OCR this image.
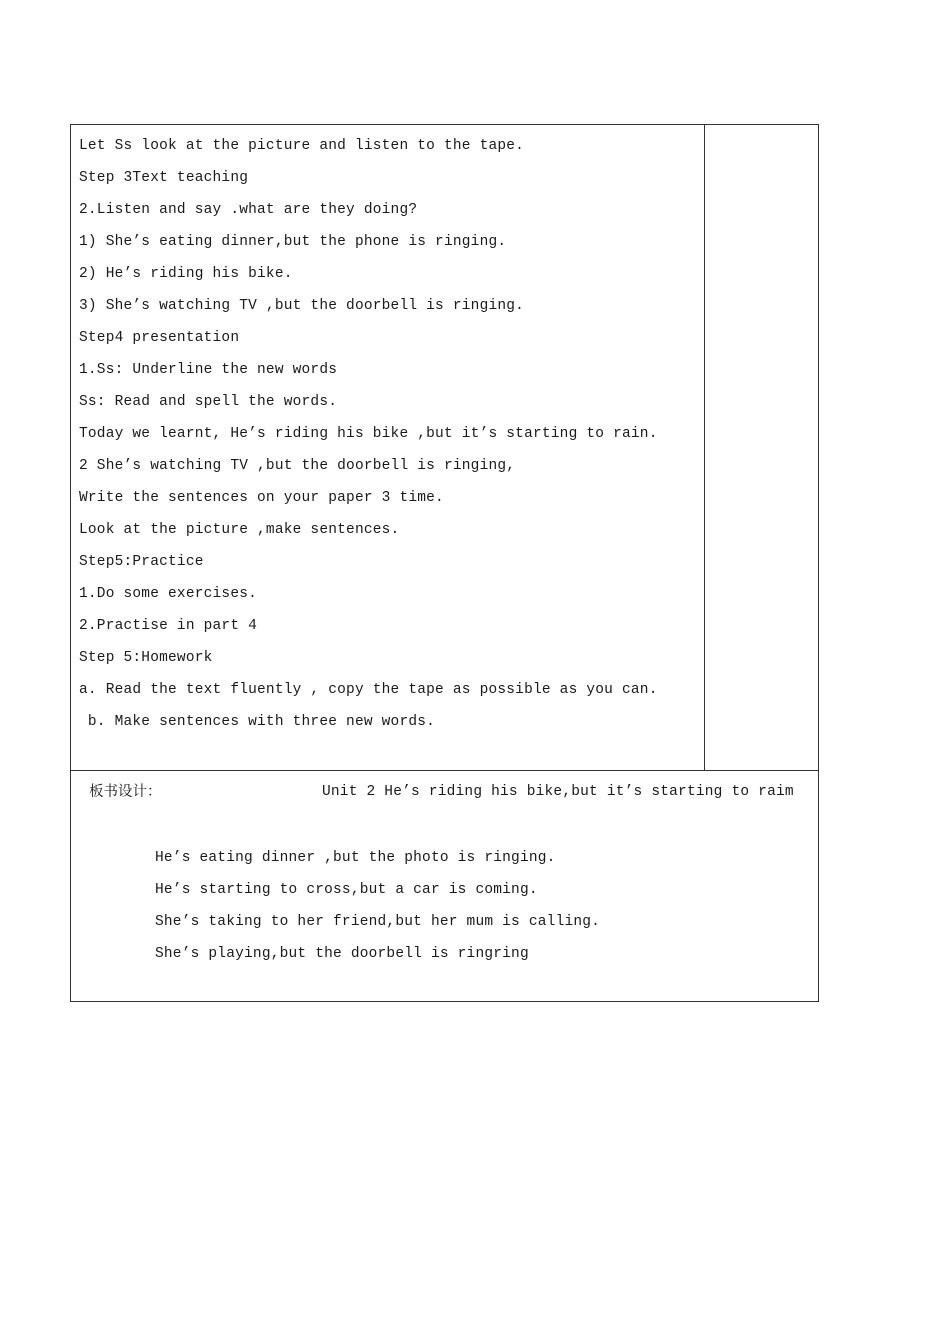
Let Ss look at the picture and listen to the tape.
Step 3Text teaching
2.Listen and say .what are they doing?
1) She’s eating dinner,but the phone is ringing.
2) He’s riding his bike.
3) She’s watching TV ,but the doorbell is ringing.
Step4 presentation
1.Ss: Underline the new words
Ss: Read and spell the words.
Today we learnt, He’s riding his bike ,but it’s starting to rain.
2 She’s watching TV ,but the doorbell is ringing,
Write the sentences on your paper 3 time.
Look at the picture ,make sentences.
Step5:Practice
1.Do some exercises.
2.Practise in part 4
Step 5:Homework
a. Read the text fluently , copy the tape as possible as you can.
b. Make sentences with three new words.
板书设计：	Unit 2 He’s riding his bike,but it’s starting to raim
He’s eating dinner ,but the photo is ringing.
He’s starting to cross,but a car is coming.
She’s taking to her friend,but her mum is calling.
She’s playing,but the doorbell is ringring
